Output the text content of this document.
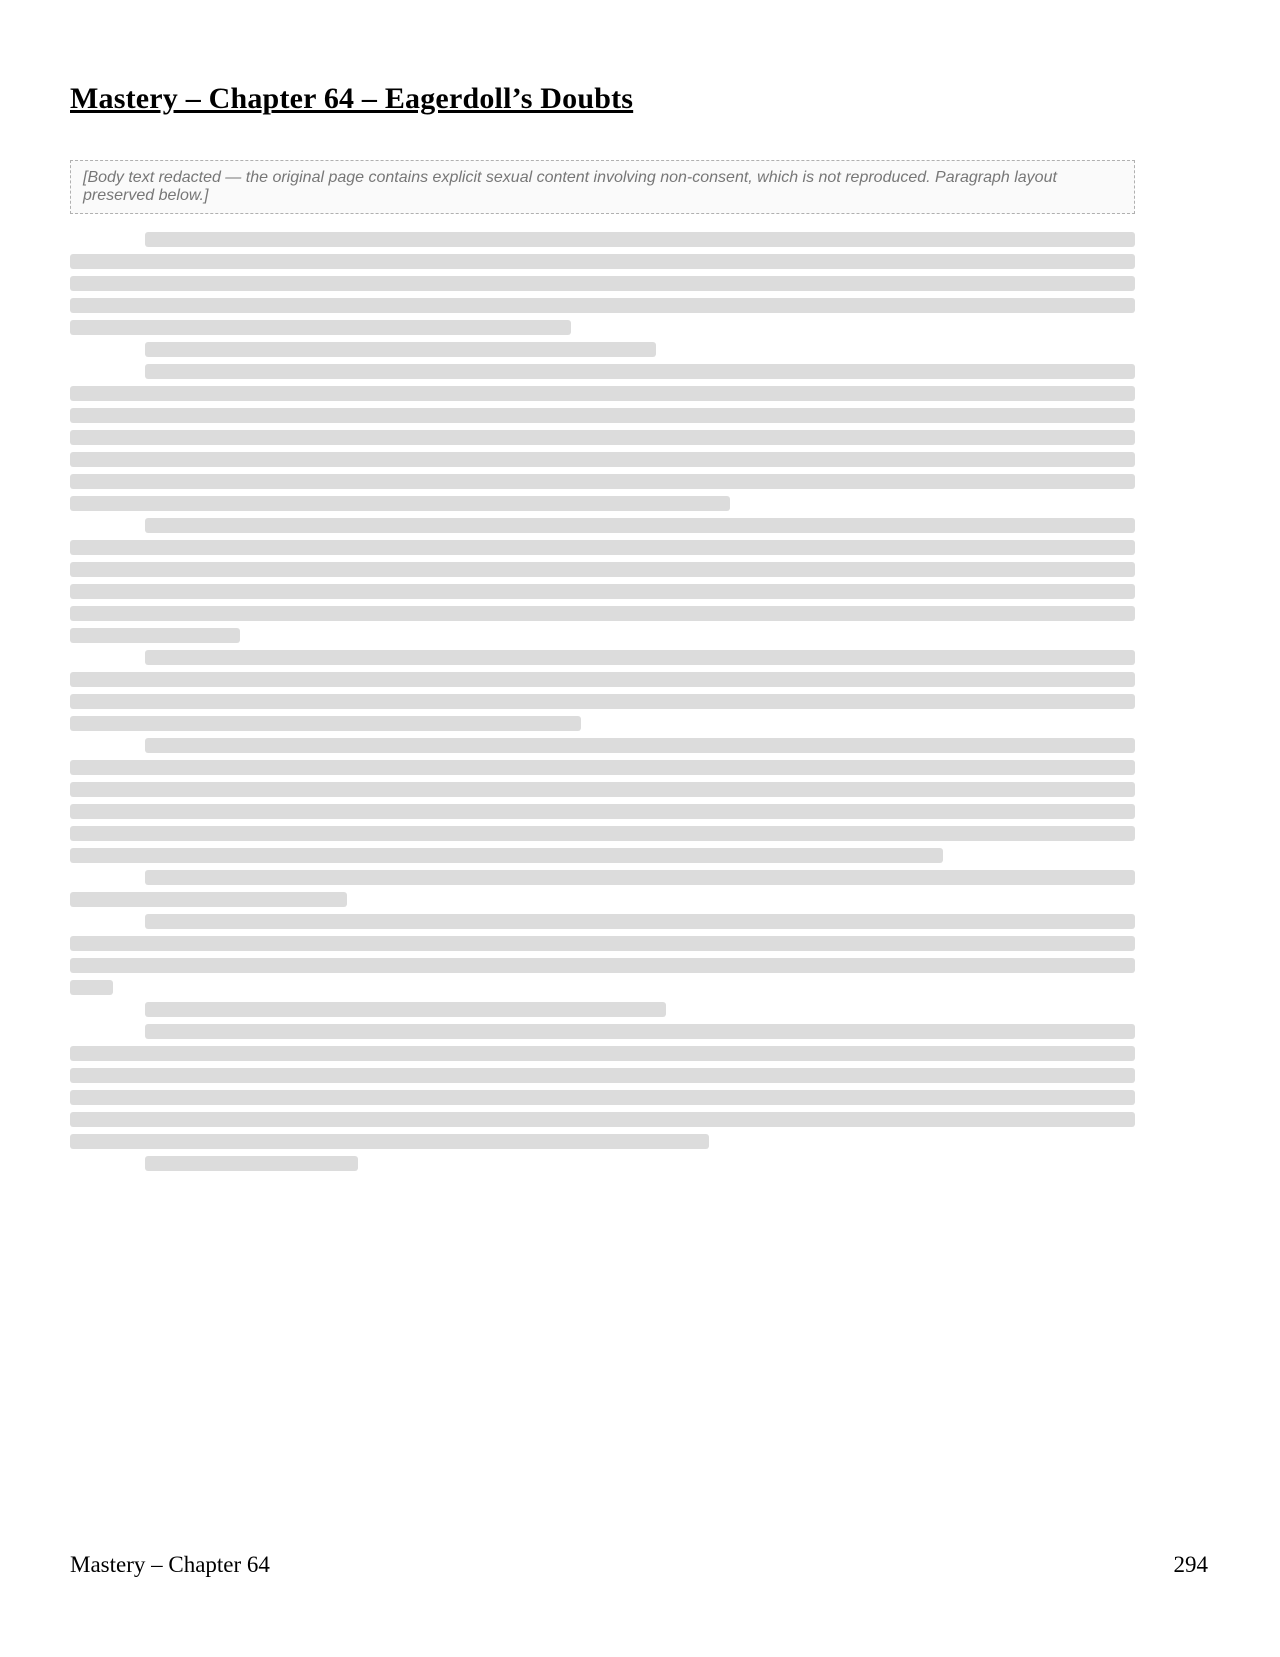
Mastery – Chapter 64 – Eagerdoll’s Doubts
[Body text redacted — the original page contains explicit sexual content involving non-consent, which is not reproduced. Paragraph layout preserved below.]
Mastery – Chapter 64	294
